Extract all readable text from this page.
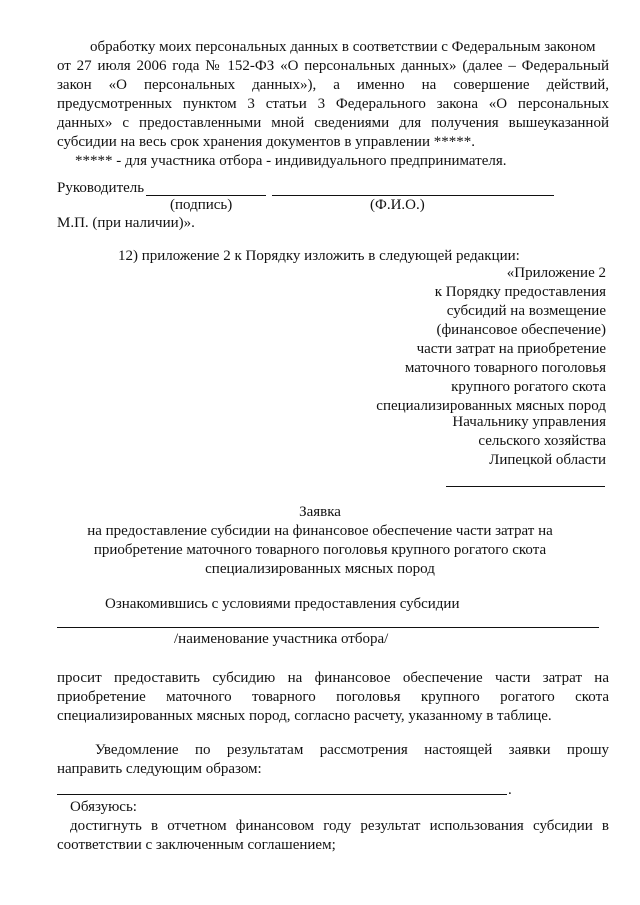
обработку моих персональных данных в соответствии с Федеральным законом
от 27 июля 2006 года № 152-ФЗ «О персональных данных» (далее – Федеральный
закон «О персональных данных»), а именно на совершение действий,
предусмотренных пунктом 3 статьи 3 Федерального закона «О персональных
данных» с предоставленными мной сведениями для получения вышеуказанной
субсидии на весь срок хранения документов в управлении *****.
***** - для участника отбора - индивидуального предпринимателя.
Руководитель
(подпись)	(Ф.И.О.)
М.П. (при наличии)».
12) приложение 2 к Порядку изложить в следующей редакции:
«Приложение 2
к Порядку предоставления
субсидий на возмещение
(финансовое обеспечение)
части затрат на приобретение
маточного товарного поголовья
крупного рогатого скота
специализированных мясных пород
Начальнику управления
сельского хозяйства
Липецкой области
Заявка
на предоставление субсидии на финансовое обеспечение части затрат на
приобретение маточного товарного поголовья крупного рогатого скота
специализированных мясных пород
Ознакомившись с условиями предоставления субсидии
/наименование участника отбора/
просит предоставить субсидию на финансовое обеспечение части затрат на
приобретение маточного товарного поголовья крупного рогатого скота
специализированных мясных пород, согласно расчету, указанному в таблице.
Уведомление по результатам рассмотрения настоящей заявки прошу
направить следующим образом:
.
Обязуюсь:
достигнуть в отчетном финансовом году результат использования субсидии в
соответствии с заключенным соглашением;
